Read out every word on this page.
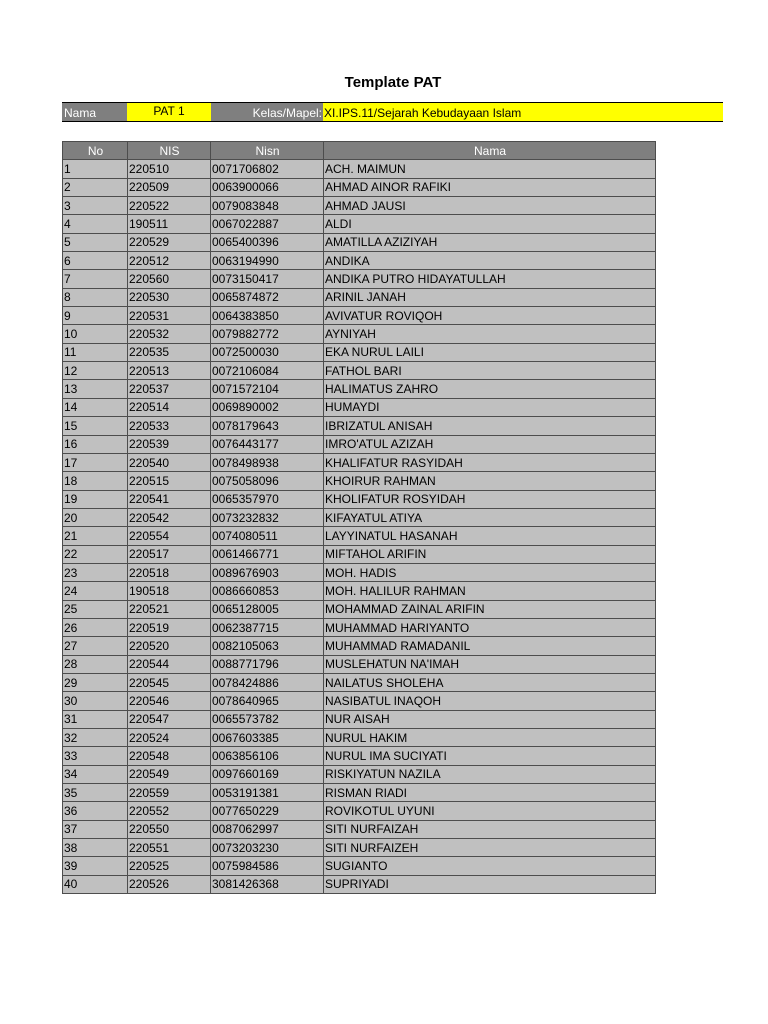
Template PAT
Nama	PAT 1	Kelas/Mapel: XI.IPS.11/Sejarah Kebudayaan Islam
No	NIS	Nisn	Nama
1	220510	0071706802	ACH. MAIMUN
2	220509	0063900066	AHMAD AINOR RAFIKI
3	220522	0079083848	AHMAD JAUSI
4	190511	0067022887	ALDI
5	220529	0065400396	AMATILLA AZIZIYAH
6	220512	0063194990	ANDIKA
7	220560	0073150417	ANDIKA PUTRO HIDAYATULLAH
8	220530	0065874872	ARINIL JANAH
9	220531	0064383850	AVIVATUR ROVIQOH
10	220532	0079882772	AYNIYAH
11	220535	0072500030	EKA NURUL LAILI
12	220513	0072106084	FATHOL BARI
13	220537	0071572104	HALIMATUS ZAHRO
14	220514	0069890002	HUMAYDI
15	220533	0078179643	IBRIZATUL ANISAH
16	220539	0076443177	IMRO'ATUL AZIZAH
17	220540	0078498938	KHALIFATUR RASYIDAH
18	220515	0075058096	KHOIRUR RAHMAN
19	220541	0065357970	KHOLIFATUR ROSYIDAH
20	220542	0073232832	KIFAYATUL ATIYA
21	220554	0074080511	LAYYINATUL HASANAH
22	220517	0061466771	MIFTAHOL ARIFIN
23	220518	0089676903	MOH. HADIS
24	190518	0086660853	MOH. HALILUR RAHMAN
25	220521	0065128005	MOHAMMAD ZAINAL ARIFIN
26	220519	0062387715	MUHAMMAD HARIYANTO
27	220520	0082105063	MUHAMMAD RAMADANIL
28	220544	0088771796	MUSLEHATUN NA'IMAH
29	220545	0078424886	NAILATUS SHOLEHA
30	220546	0078640965	NASIBATUL INAQOH
31	220547	0065573782	NUR AISAH
32	220524	0067603385	NURUL HAKIM
33	220548	0063856106	NURUL IMA SUCIYATI
34	220549	0097660169	RISKIYATUN NAZILA
35	220559	0053191381	RISMAN RIADI
36	220552	0077650229	ROVIKOTUL UYUNI
37	220550	0087062997	SITI NURFAIZAH
38	220551	0073203230	SITI NURFAIZEH
39	220525	0075984586	SUGIANTO
40	220526	3081426368	SUPRIYADI
